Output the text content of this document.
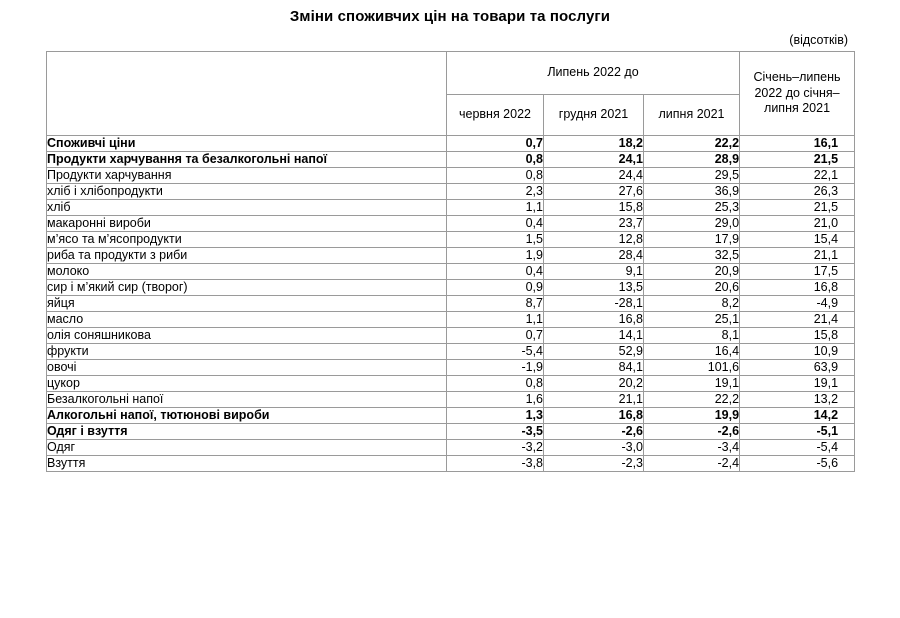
Зміни споживчих цін на товари та послуги
(відсотків)
	Липень 2022 до			Січень–липень 2022 до січня–липня 2021
	червня 2022	грудня 2021	липня 2021	
Споживчі ціни	0,7	18,2	22,2	16,1
Продукти харчування та безалкогольні напої	0,8	24,1	28,9	21,5
Продукти харчування	0,8	24,4	29,5	22,1
хліб і хлібопродукти	2,3	27,6	36,9	26,3
хліб	1,1	15,8	25,3	21,5
макаронні вироби	0,4	23,7	29,0	21,0
м’ясо та м’ясопродукти	1,5	12,8	17,9	15,4
риба та продукти з риби	1,9	28,4	32,5	21,1
молоко	0,4	9,1	20,9	17,5
сир і м’який сир (творог)	0,9	13,5	20,6	16,8
яйця	8,7	-28,1	8,2	-4,9
масло	1,1	16,8	25,1	21,4
олія соняшникова	0,7	14,1	8,1	15,8
фрукти	-5,4	52,9	16,4	10,9
овочі	-1,9	84,1	101,6	63,9
цукор	0,8	20,2	19,1	19,1
Безалкогольні напої	1,6	21,1	22,2	13,2
Алкогольні напої, тютюнові вироби	1,3	16,8	19,9	14,2
Одяг і взуття	-3,5	-2,6	-2,6	-5,1
Одяг	-3,2	-3,0	-3,4	-5,4
Взуття	-3,8	-2,3	-2,4	-5,6
